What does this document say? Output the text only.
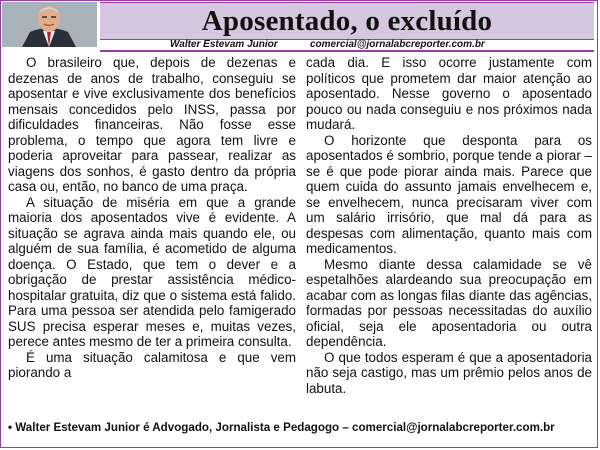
Aposentado, o excluído
Walter Estevam Junior	comercial@jornalabcreporter.com.br

O brasileiro que, depois de dezenas e dezenas de anos de trabalho, conseguiu se aposentar e vive exclusivamente dos benefícios mensais concedidos pelo INSS, passa por dificuldades financeiras. Não fosse esse problema, o tempo que agora tem livre e poderia aproveitar para passear, realizar as viagens dos sonhos, é gasto dentro da própria casa ou, então, no banco de uma praça.

A situação de miséria em que a grande maioria dos aposentados vive é evidente. A situação se agrava ainda mais quando ele, ou alguém de sua família, é acometido de alguma doença. O Estado, que tem o dever e a obrigação de prestar assistência médico-hospitalar gratuita, diz que o sistema está falido. Para uma pessoa ser atendida pelo famigerado SUS precisa esperar meses e, muitas vezes, perece antes mesmo de ter a primeira consulta.

É uma situação calamitosa e que vem piorando a

cada dia. E isso ocorre justamente com políticos que prometem dar maior atenção ao aposentado. Nesse governo o aposentado pouco ou nada conseguiu e nos próximos nada mudará.

O horizonte que desponta para os aposentados é sombrio, porque tende a piorar – se é que pode piorar ainda mais. Parece que quem cuida do assunto jamais envelhecem e, se envelhecem, nunca precisaram viver com um salário irrisório, que mal dá para as despesas com alimentação, quanto mais com medicamentos.

Mesmo diante dessa calamidade se vê espetalhões alardeando sua preocupação em acabar com as longas filas diante das agências, formadas por pessoas necessitadas do auxílio oficial, seja ele aposentadoria ou outra dependência.

O que todos esperam é que a aposentadoria não seja castigo, mas um prêmio pelos anos de labuta.

• Walter Estevam Junior é Advogado, Jornalista e Pedagogo – comercial@jornalabcreporter.com.br
